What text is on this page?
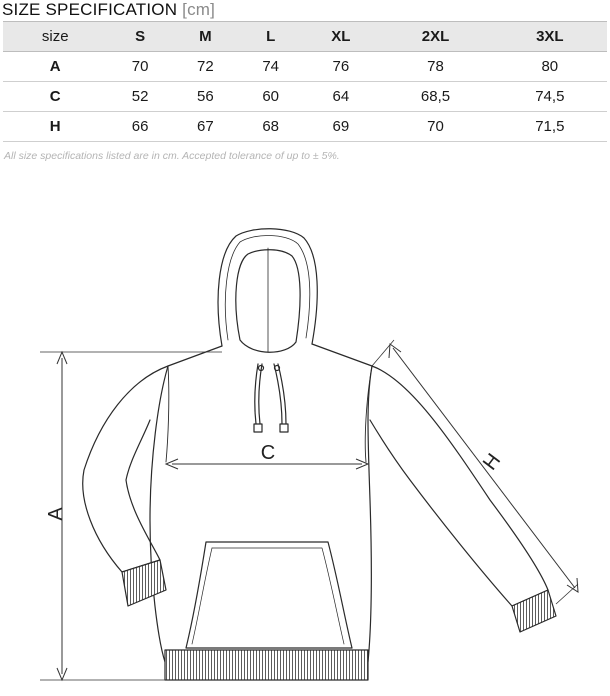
SIZE SPECIFICATION [cm]
size	S	M	L	XL	2XL	3XL
A	70	72	74	76	78	80
C	52	56	60	64	68,5	74,5
H	66	67	68	69	70	71,5
All size specifications listed are in cm. Accepted tolerance of up to ± 5%.
A
C	H
